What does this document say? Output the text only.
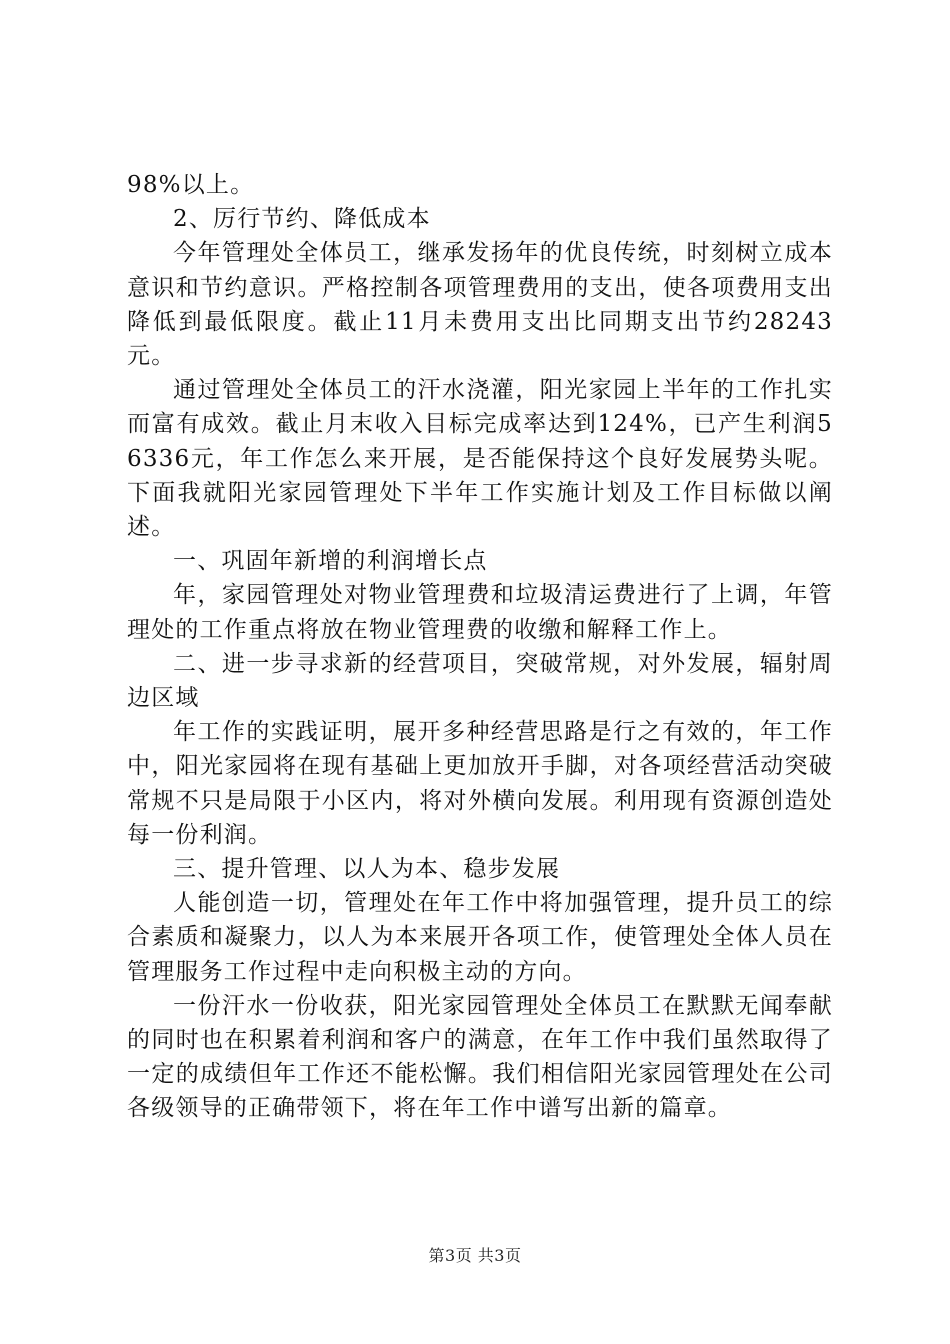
98%以上。

2、厉行节约、降低成本

今年管理处全体员工，继承发扬年的优良传统，时刻树立成本意识和节约意识。严格控制各项管理费用的支出，使各项费用支出降低到最低限度。截止11月未费用支出比同期支出节约28243元。

通过管理处全体员工的汗水浇灌，阳光家园上半年的工作扎实而富有成效。截止月末收入目标完成率达到124%，已产生利润56336元，年工作怎么来开展，是否能保持这个良好发展势头呢。下面我就阳光家园管理处下半年工作实施计划及工作目标做以阐述。

一、巩固年新增的利润增长点

年，家园管理处对物业管理费和垃圾清运费进行了上调，年管理处的工作重点将放在物业管理费的收缴和解释工作上。

二、进一步寻求新的经营项目，突破常规，对外发展，辐射周边区域

年工作的实践证明，展开多种经营思路是行之有效的，年工作中，阳光家园将在现有基础上更加放开手脚，对各项经营活动突破常规不只是局限于小区内，将对外横向发展。利用现有资源创造处每一份利润。

三、提升管理、以人为本、稳步发展

人能创造一切，管理处在年工作中将加强管理，提升员工的综合素质和凝聚力，以人为本来展开各项工作，使管理处全体人员在管理服务工作过程中走向积极主动的方向。

一份汗水一份收获，阳光家园管理处全体员工在默默无闻奉献的同时也在积累着利润和客户的满意，在年工作中我们虽然取得了一定的成绩但年工作还不能松懈。我们相信阳光家园管理处在公司各级领导的正确带领下，将在年工作中谱写出新的篇章。

第3页 共3页
